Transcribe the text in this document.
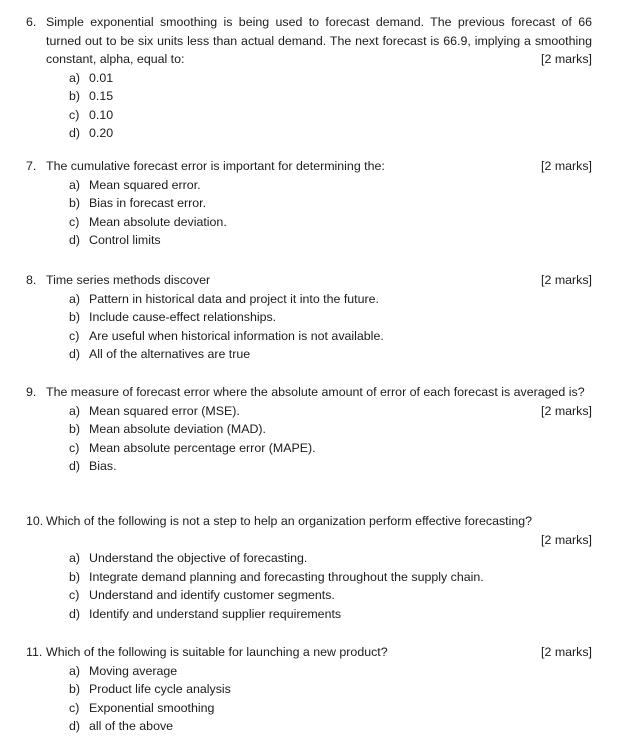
6. Simple exponential smoothing is being used to forecast demand. The previous forecast of 66 turned out to be six units less than actual demand. The next forecast is 66.9, implying a smoothing constant, alpha, equal to:	[2 marks]
a) 0.01
b) 0.15
c) 0.10
d) 0.20
7. The cumulative forecast error is important for determining the:	[2 marks]
a) Mean squared error.
b) Bias in forecast error.
c) Mean absolute deviation.
d) Control limits
8. Time series methods discover	[2 marks]
a) Pattern in historical data and project it into the future.
b) Include cause-effect relationships.
c) Are useful when historical information is not available.
d) All of the alternatives are true
9. The measure of forecast error where the absolute amount of error of each forecast is averaged is?
[2 marks]
a) Mean squared error (MSE).
b) Mean absolute deviation (MAD).
c) Mean absolute percentage error (MAPE).
d) Bias.
10. Which of the following is not a step to help an organization perform effective forecasting?
[2 marks]
a) Understand the objective of forecasting.
b) Integrate demand planning and forecasting throughout the supply chain.
c) Understand and identify customer segments.
d) Identify and understand supplier requirements
11. Which of the following is suitable for launching a new product?	[2 marks]
a) Moving average
b) Product life cycle analysis
c) Exponential smoothing
d) all of the above
